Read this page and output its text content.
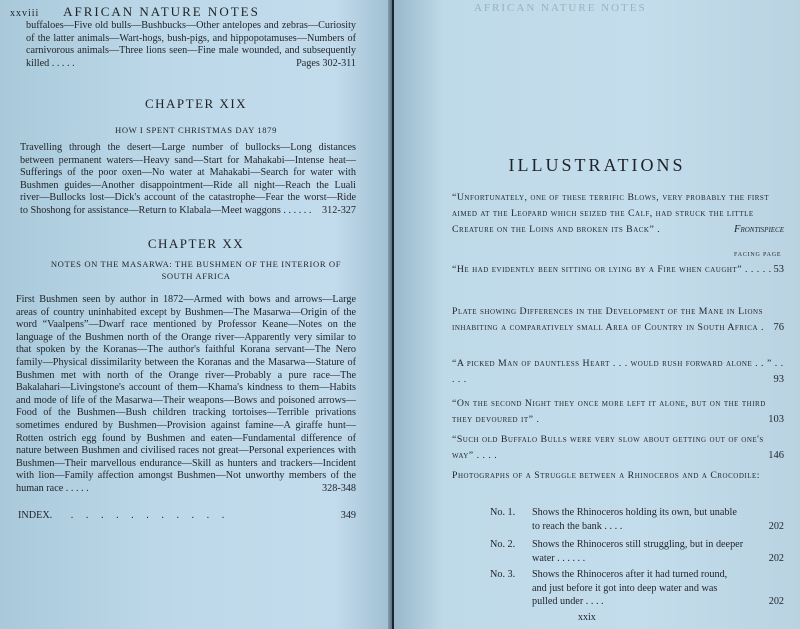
xxviii AFRICAN NATURE NOTES

buffaloes—Five old bulls—Bushbucks—Other antelopes and zebras—Curiosity of the latter animals—Wart-hogs, bush-pigs, and hippopotamuses—Numbers of carnivorous animals—Three lions seen—Fine male wounded, and subsequently killed . . . . .	Pages 302-311

CHAPTER XIX
HOW I SPENT CHRISTMAS DAY 1879

Travelling through the desert—Large number of bullocks—Long distances between permanent waters—Heavy sand—Start for Mahakabi—Intense heat—Sufferings of the poor oxen—No water at Mahakabi—Search for water with Bushmen guides—Another disappointment—Ride all night—Reach the Luali river—Bullocks lost—Dick's account of the catastrophe—Fear the worst—Ride to Shoshong for assistance—Return to Klabala—Meet waggons . . . . . . 312-327

CHAPTER XX
NOTES ON THE MASARWA: THE BUSHMEN OF THE INTERIOR OF
SOUTH AFRICA

First Bushmen seen by author in 1872—Armed with bows and arrows—Large areas of country uninhabited except by Bushmen—The Masarwa—Origin of the word “Vaalpens”—Dwarf race mentioned by Professor Keane—Notes on the language of the Bushmen north of the Orange river—Apparently very similar to that spoken by the Koranas—The author's faithful Korana servant—The Nero family—Physical dissimilarity between the Koranas and the Masarwa—Stature of Bushmen met with north of the Orange river—Probably a pure race—The Bakalahari—Livingstone's account of them—Khama's kindness to them—Habits and mode of life of the Masarwa—Their weapons—Bows and poisoned arrows—Food of the Bushmen—Bush children tracking tortoises—Terrible privations sometimes endured by Bushmen—Provision against famine—A giraffe hunt—Rotten ostrich egg found by Bushmen and eaten—Fundamental difference of nature between Bushmen and civilised races not great—Personal experiences with Bushmen—Their marvellous endurance—Skill as hunters and trackers—Incident with lion—Family affection amongst Bushmen—Not unworthy members of the human race . . . . .	328-348

INDEX. . . . . . . . . . . .	349
AFRICAN NATURE NOTES
ILLUSTRATIONS
“Unfortunately, one of these terrific Blows, very probably the first aimed at the Leopard which seized the Calf, had struck the little Creature on the Loins and broken its Back” .	Frontispiece
FACING PAGE
“He had evidently been sitting or lying by a Fire when caught” . . . . . 53
Plate showing Differences in the Development of the Mane in Lions inhabiting a comparatively small Area of Country in South Africa . 76
“A picked Man of dauntless Heart . . . would rush forward alone . . ” . . . . .	93
“On the second Night they once more left it alone, but on the third they devoured it” .	103
“Such old Buffalo Bulls were very slow about getting out of one's way” . . . .	146
Photographs of a Struggle between a Rhinoceros and a Crocodile:
No. 1. Shows the Rhinoceros holding its own, but unable to reach the bank . . . .	202
No. 2. Shows the Rhinoceros still struggling, but in deeper water . . . . . .	202
No. 3. Shows the Rhinoceros after it had turned round, and just before it got into deep water and was pulled under . . . .	202
xxix
